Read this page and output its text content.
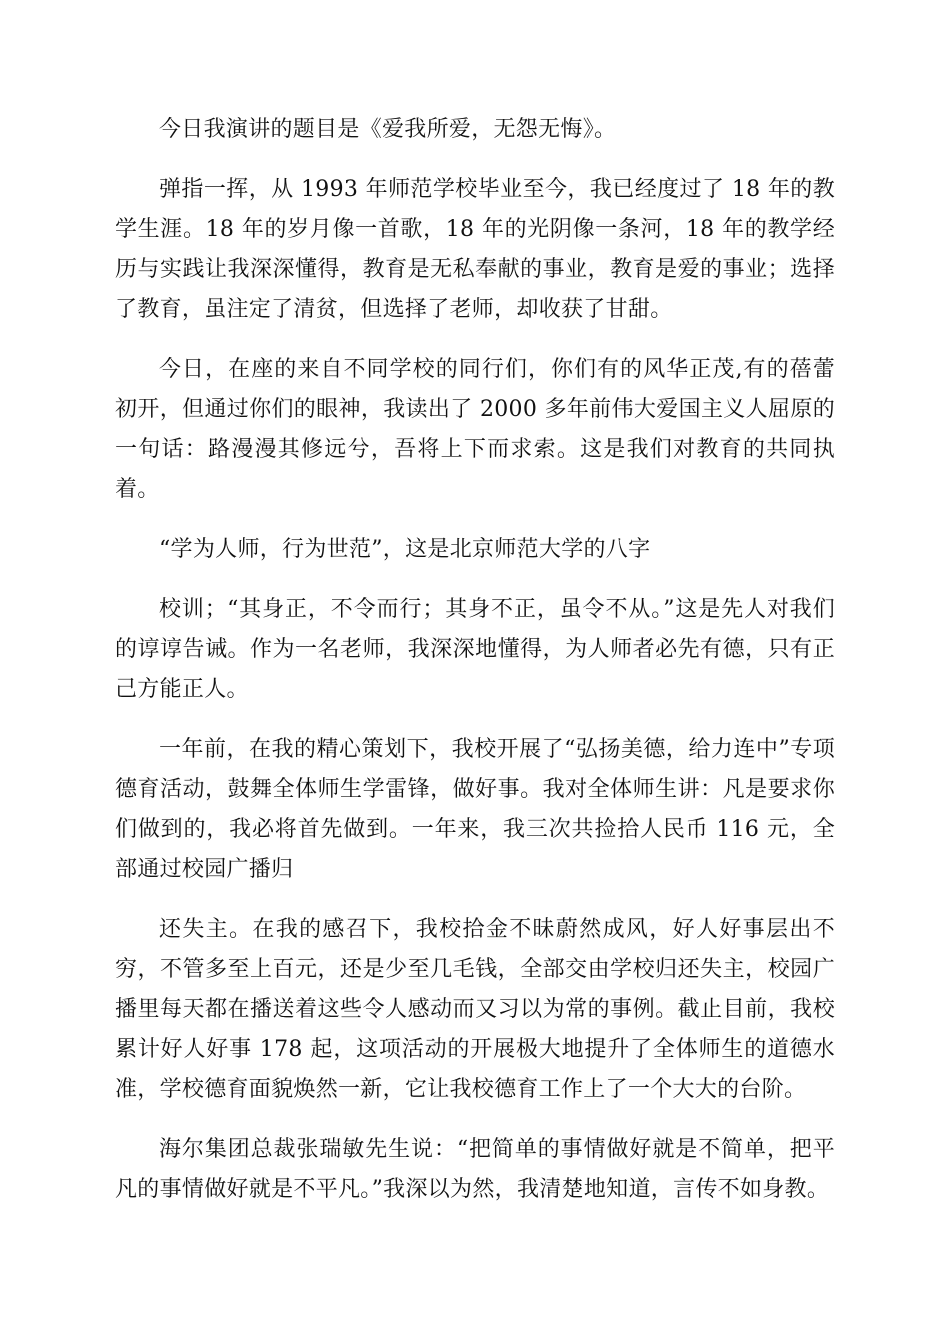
今日我演讲的题目是《爱我所爱，无怨无悔》。

弹指一挥，从 1993 年师范学校毕业至今，我已经度过了 18 年的教学生涯。18 年的岁月像一首歌，18 年的光阴像一条河，18 年的教学经历与实践让我深深懂得，教育是无私奉献的事业，教育是爱的事业；选择了教育，虽注定了清贫，但选择了老师，却收获了甘甜。

今日，在座的来自不同学校的同行们，你们有的风华正茂,有的蓓蕾初开，但通过你们的眼神，我读出了 2000 多年前伟大爱国主义人屈原的一句话：路漫漫其修远兮，吾将上下而求索。这是我们对教育的共同执着。

“学为人师，行为世范”，这是北京师范大学的八字

校训；“其身正，不令而行；其身不正，虽令不从。”这是先人对我们的谆谆告诫。作为一名老师，我深深地懂得，为人师者必先有德，只有正己方能正人。

一年前，在我的精心策划下，我校开展了“弘扬美德，给力连中”专项德育活动，鼓舞全体师生学雷锋，做好事。我对全体师生讲：凡是要求你们做到的，我必将首先做到。一年来，我三次共捡拾人民币 116 元，全部通过校园广播归

还失主。在我的感召下，我校拾金不昧蔚然成风，好人好事层出不穷，不管多至上百元，还是少至几毛钱，全部交由学校归还失主，校园广播里每天都在播送着这些令人感动而又习以为常的事例。截止目前，我校累计好人好事 178 起，这项活动的开展极大地提升了全体师生的道德水准，学校德育面貌焕然一新，它让我校德育工作上了一个大大的台阶。

海尔集团总裁张瑞敏先生说：“把简单的事情做好就是不简单，把平凡的事情做好就是不平凡。”我深以为然，我清楚地知道，言传不如身教。
